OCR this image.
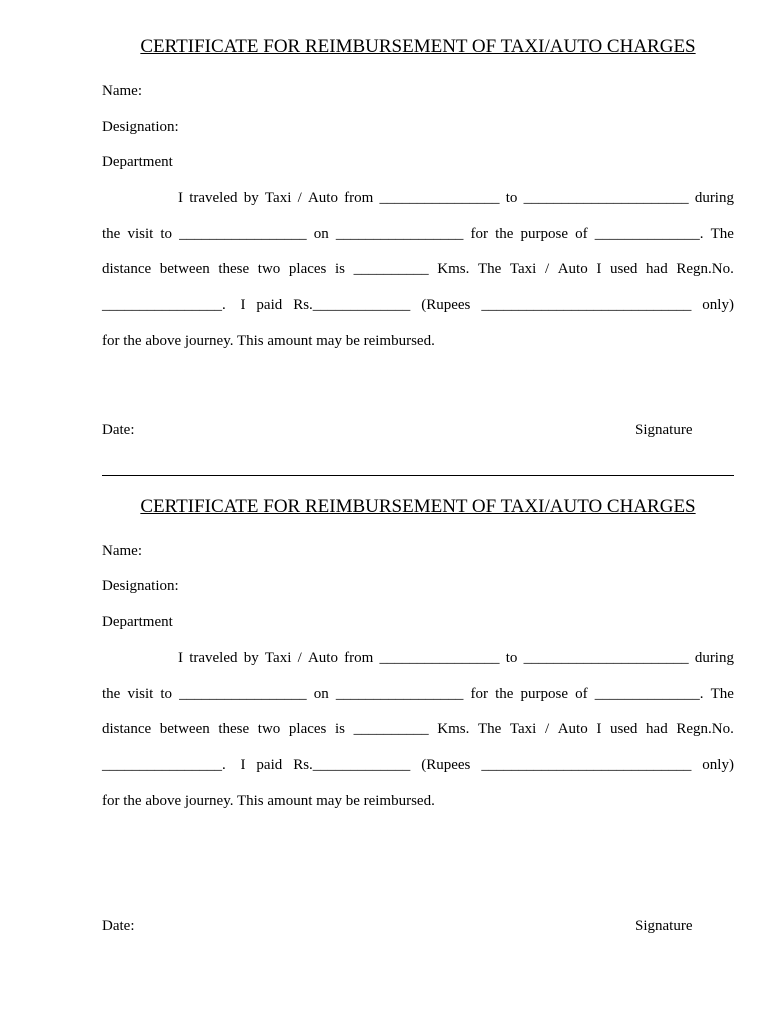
CERTIFICATE FOR REIMBURSEMENT OF TAXI/AUTO CHARGES
Name:
Designation:
Department
I traveled by Taxi / Auto from ________________ to ______________________ during
the visit to _________________ on _________________ for the purpose of ______________. The
distance between these two places is __________ Kms. The Taxi / Auto I used had Regn.No.
________________. I paid Rs._____________ (Rupees ____________________________ only)
for the above journey. This amount may be reimbursed.
Date:	Signature
CERTIFICATE FOR REIMBURSEMENT OF TAXI/AUTO CHARGES
Name:
Designation:
Department
I traveled by Taxi / Auto from ________________ to ______________________ during
the visit to _________________ on _________________ for the purpose of ______________. The
distance between these two places is __________ Kms. The Taxi / Auto I used had Regn.No.
________________. I paid Rs._____________ (Rupees ____________________________ only)
for the above journey. This amount may be reimbursed.
Date:	Signature
